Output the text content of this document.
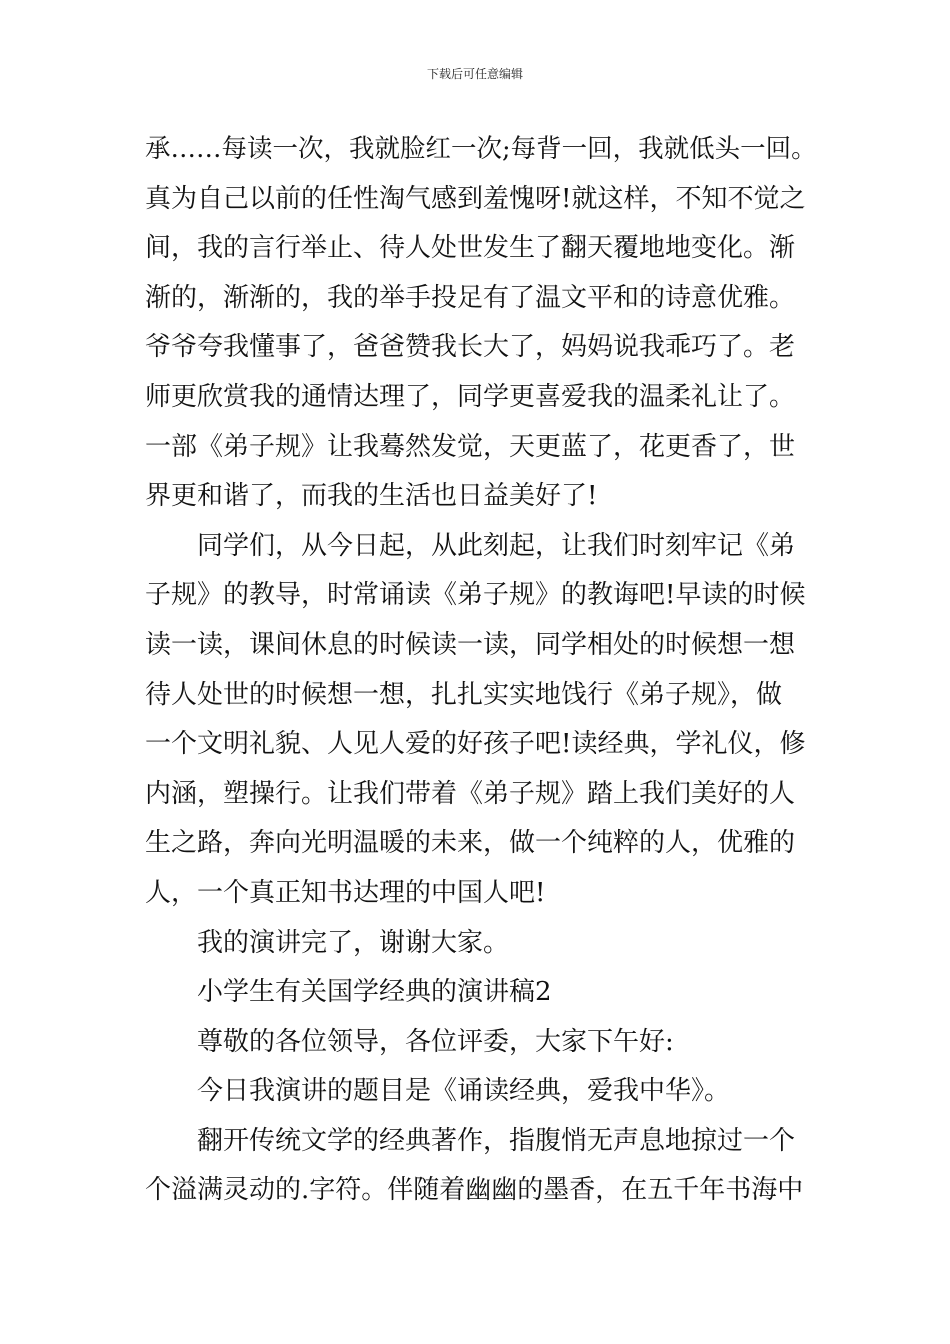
下载后可任意编辑
承……每读一次，我就脸红一次;每背一回，我就低头一回。
真为自己以前的任性淘气感到羞愧呀!就这样，不知不觉之
间，我的言行举止、待人处世发生了翻天覆地地变化。渐
渐的，渐渐的，我的举手投足有了温文平和的诗意优雅。
爷爷夸我懂事了，爸爸赞我长大了，妈妈说我乖巧了。老
师更欣赏我的通情达理了，同学更喜爱我的温柔礼让了。
一部《弟子规》让我蓦然发觉，天更蓝了，花更香了，世
界更和谐了，而我的生活也日益美好了!
　　同学们，从今日起，从此刻起，让我们时刻牢记《弟
子规》的教导，时常诵读《弟子规》的教诲吧!早读的时候
读一读，课间休息的时候读一读，同学相处的时候想一想
待人处世的时候想一想，扎扎实实地饯行《弟子规》，做
一个文明礼貌、人见人爱的好孩子吧!读经典，学礼仪，修
内涵，塑操行。让我们带着《弟子规》踏上我们美好的人
生之路，奔向光明温暖的未来，做一个纯粹的人，优雅的
人，一个真正知书达理的中国人吧!
　　我的演讲完了，谢谢大家。
　　小学生有关国学经典的演讲稿2
　　尊敬的各位领导，各位评委，大家下午好:
　　今日我演讲的题目是《诵读经典，爱我中华》。
　　翻开传统文学的经典著作，指腹悄无声息地掠过一个
个溢满灵动的.字符。伴随着幽幽的墨香，在五千年书海中
